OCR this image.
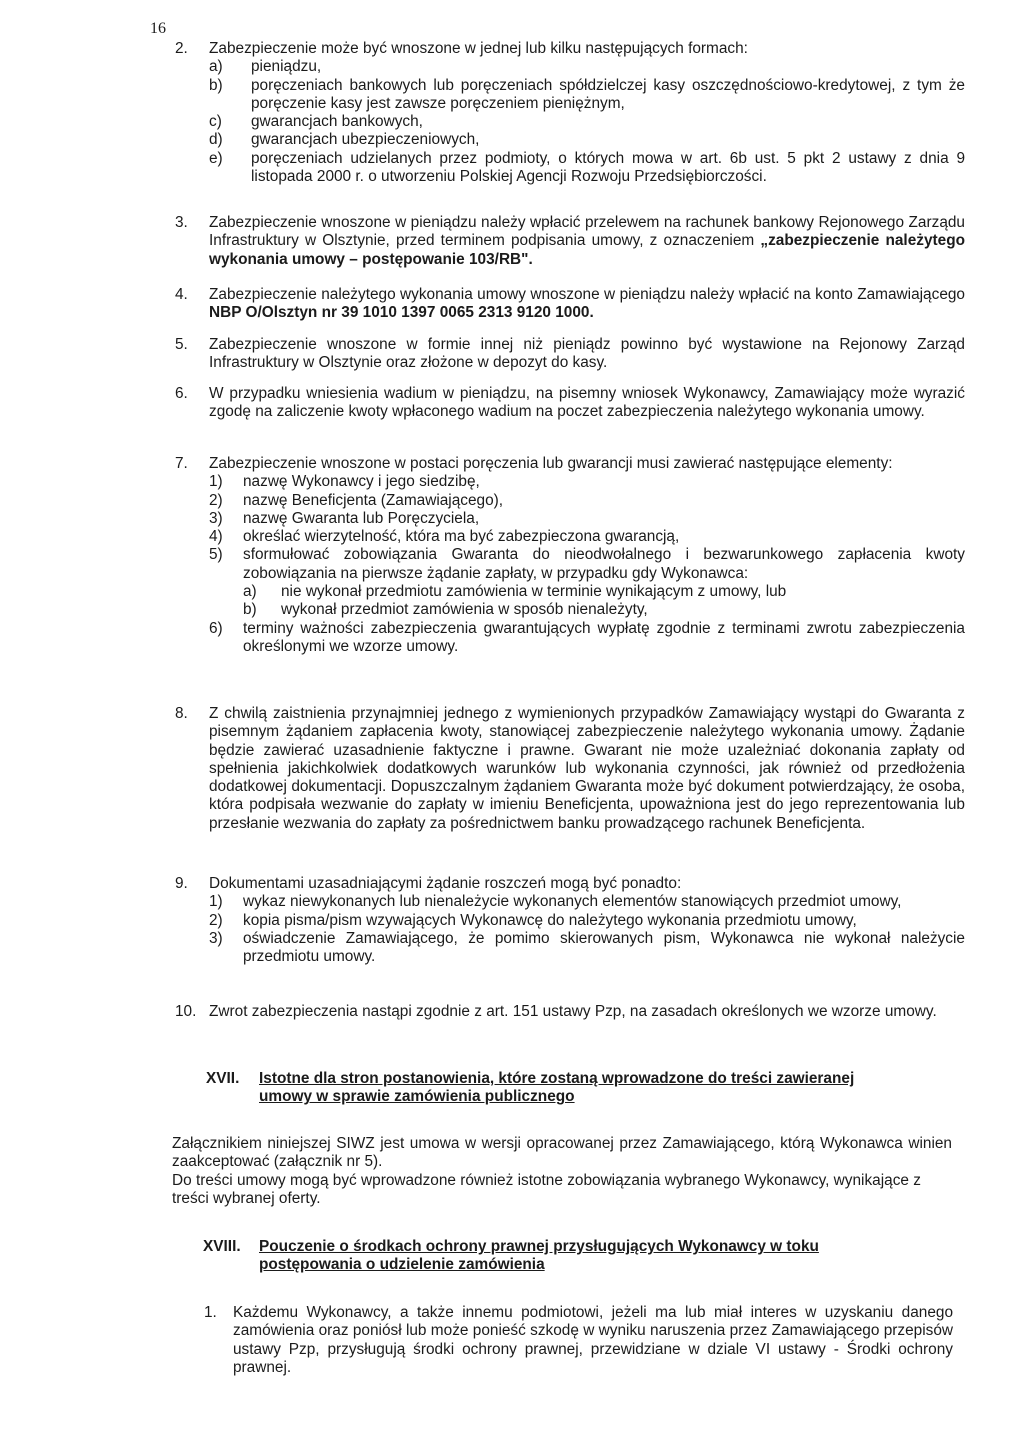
16
2. Zabezpieczenie może być wnoszone w jednej lub kilku następujących formach:
a) pieniądzu,
b) poręczeniach bankowych lub poręczeniach spółdzielczej kasy oszczędnościowo-kredytowej, z tym że poręczenie kasy jest zawsze poręczeniem pieniężnym,
c) gwarancjach bankowych,
d) gwarancjach ubezpieczeniowych,
e) poręczeniach udzielanych przez podmioty, o których mowa w art. 6b ust. 5 pkt 2 ustawy z dnia 9 listopada 2000 r. o utworzeniu Polskiej Agencji Rozwoju Przedsiębiorczości.
3. Zabezpieczenie wnoszone w pieniądzu należy wpłacić przelewem na rachunek bankowy Rejonowego Zarządu Infrastruktury w Olsztynie, przed terminem podpisania umowy, z oznaczeniem „zabezpieczenie należytego wykonania umowy – postępowanie 103/RB".
4. Zabezpieczenie należytego wykonania umowy wnoszone w pieniądzu należy wpłacić na konto Zamawiającego NBP O/Olsztyn nr 39 1010 1397 0065 2313 9120 1000.
5. Zabezpieczenie wnoszone w formie innej niż pieniądz powinno być wystawione na Rejonowy Zarząd Infrastruktury w Olsztynie oraz złożone w depozyt do kasy.
6. W przypadku wniesienia wadium w pieniądzu, na pisemny wniosek Wykonawcy, Zamawiający może wyrazić zgodę na zaliczenie kwoty wpłaconego wadium na poczet zabezpieczenia należytego wykonania umowy.
7. Zabezpieczenie wnoszone w postaci poręczenia lub gwarancji musi zawierać następujące elementy:
1) nazwę Wykonawcy i jego siedzibę,
2) nazwę Beneficjenta (Zamawiającego),
3) nazwę Gwaranta lub Poręczyciela,
4) określać wierzytelność, która ma być zabezpieczona gwarancją,
5) sformułować zobowiązania Gwaranta do nieodwołalnego i bezwarunkowego zapłacenia kwoty zobowiązania na pierwsze żądanie zapłaty, w przypadku gdy Wykonawca:
a) nie wykonał przedmiotu zamówienia w terminie wynikającym z umowy, lub
b) wykonał przedmiot zamówienia w sposób nienależyty,
6) terminy ważności zabezpieczenia gwarantujących wypłatę zgodnie z terminami zwrotu zabezpieczenia określonymi we wzorze umowy.
8. Z chwilą zaistnienia przynajmniej jednego z wymienionych przypadków Zamawiający wystąpi do Gwaranta z pisemnym żądaniem zapłacenia kwoty, stanowiącej zabezpieczenie należytego wykonania umowy. Żądanie będzie zawierać uzasadnienie faktyczne i prawne. Gwarant nie może uzależniać dokonania zapłaty od spełnienia jakichkolwiek dodatkowych warunków lub wykonania czynności, jak również od przedłożenia dodatkowej dokumentacji. Dopuszczalnym żądaniem Gwaranta może być dokument potwierdzający, że osoba, która podpisała wezwanie do zapłaty w imieniu Beneficjenta, upoważniona jest do jego reprezentowania lub przesłanie wezwania do zapłaty za pośrednictwem banku prowadzącego rachunek Beneficjenta.
9. Dokumentami uzasadniającymi żądanie roszczeń mogą być ponadto:
1) wykaz niewykonanych lub nienależycie wykonanych elementów stanowiących przedmiot umowy,
2) kopia pisma/pism wzywających Wykonawcę do należytego wykonania przedmiotu umowy,
3) oświadczenie Zamawiającego, że pomimo skierowanych pism, Wykonawca nie wykonał należycie przedmiotu umowy.
10. Zwrot zabezpieczenia nastąpi zgodnie z art. 151 ustawy Pzp, na zasadach określonych we wzorze umowy.
XVII. Istotne dla stron postanowienia, które zostaną wprowadzone do treści zawieranej
umowy w sprawie zamówienia publicznego
Załącznikiem niniejszej SIWZ jest umowa w wersji opracowanej przez Zamawiającego, którą Wykonawca winien zaakceptować (załącznik nr 5).
Do treści umowy mogą być wprowadzone również istotne zobowiązania wybranego Wykonawcy, wynikające z treści wybranej oferty.
XVIII. Pouczenie o środkach ochrony prawnej przysługujących Wykonawcy w toku
postępowania o udzielenie zamówienia
1. Każdemu Wykonawcy, a także innemu podmiotowi, jeżeli ma lub miał interes w uzyskaniu danego zamówienia oraz poniósł lub może ponieść szkodę w wyniku naruszenia przez Zamawiającego przepisów ustawy Pzp, przysługują środki ochrony prawnej, przewidziane w dziale VI ustawy - Środki ochrony prawnej.
